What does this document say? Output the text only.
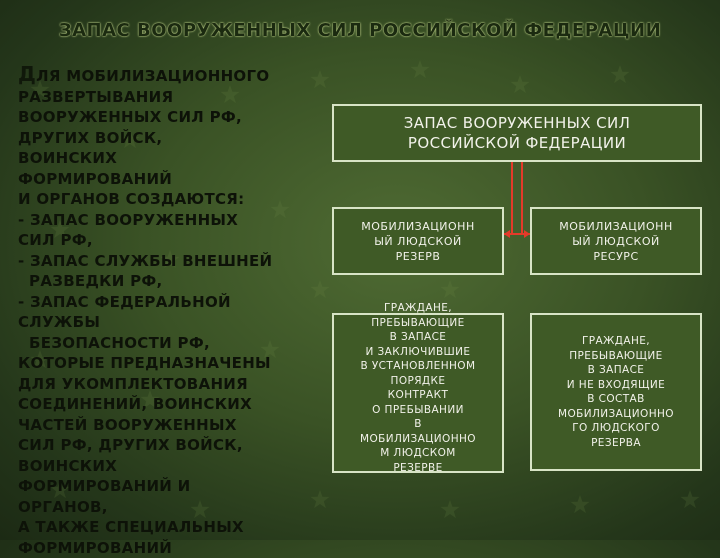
ЗАПАС ВООРУЖЕННЫХ СИЛ РОССИЙСКОЙ ФЕДЕРАЦИИ
ДЛЯ МОБИЛИЗАЦИОННОГО
РАЗВЕРТЫВАНИЯ
ВООРУЖЕННЫХ СИЛ РФ,
ДРУГИХ ВОЙСК,
ВОИНСКИХ
ФОРМИРОВАНИЙ
И ОРГАНОВ СОЗДАЮТСЯ:
- ЗАПАС ВООРУЖЕННЫХ
СИЛ РФ,
- ЗАПАС СЛУЖБЫ ВНЕШНЕЙ
РАЗВЕДКИ РФ,
- ЗАПАС ФЕДЕРАЛЬНОЙ
СЛУЖБЫ
БЕЗОПАСНОСТИ РФ,
КОТОРЫЕ ПРЕДНАЗНАЧЕНЫ
ДЛЯ УКОМПЛЕКТОВАНИЯ
СОЕДИНЕНИЙ, ВОИНСКИХ
ЧАСТЕЙ ВООРУЖЕННЫХ
СИЛ РФ, ДРУГИХ ВОЙСК,
ВОИНСКИХ
ФОРМИРОВАНИЙ И
ОРГАНОВ,
А ТАКЖЕ СПЕЦИАЛЬНЫХ
ФОРМИРОВАНИЙ
ЗАПАС ВООРУЖЕННЫХ СИЛ
РОССИЙСКОЙ ФЕДЕРАЦИИ
МОБИЛИЗАЦИОНН
ЫЙ ЛЮДСКОЙ
РЕЗЕРВ
МОБИЛИЗАЦИОНН
ЫЙ ЛЮДСКОЙ
РЕСУРС
ГРАЖДАНЕ,
ПРЕБЫВАЮЩИЕ
В ЗАПАСЕ
И ЗАКЛЮЧИВШИЕ
В УСТАНОВЛЕННОМ
ПОРЯДКЕ
КОНТРАКТ
О ПРЕБЫВАНИИ
В
МОБИЛИЗАЦИОННО
М ЛЮДСКОМ
РЕЗЕРВЕ
ГРАЖДАНЕ,
ПРЕБЫВАЮЩИЕ
В ЗАПАСЕ
И НЕ ВХОДЯЩИЕ
В СОСТАВ
МОБИЛИЗАЦИОННО
ГО ЛЮДСКОГО
РЕЗЕРВА
